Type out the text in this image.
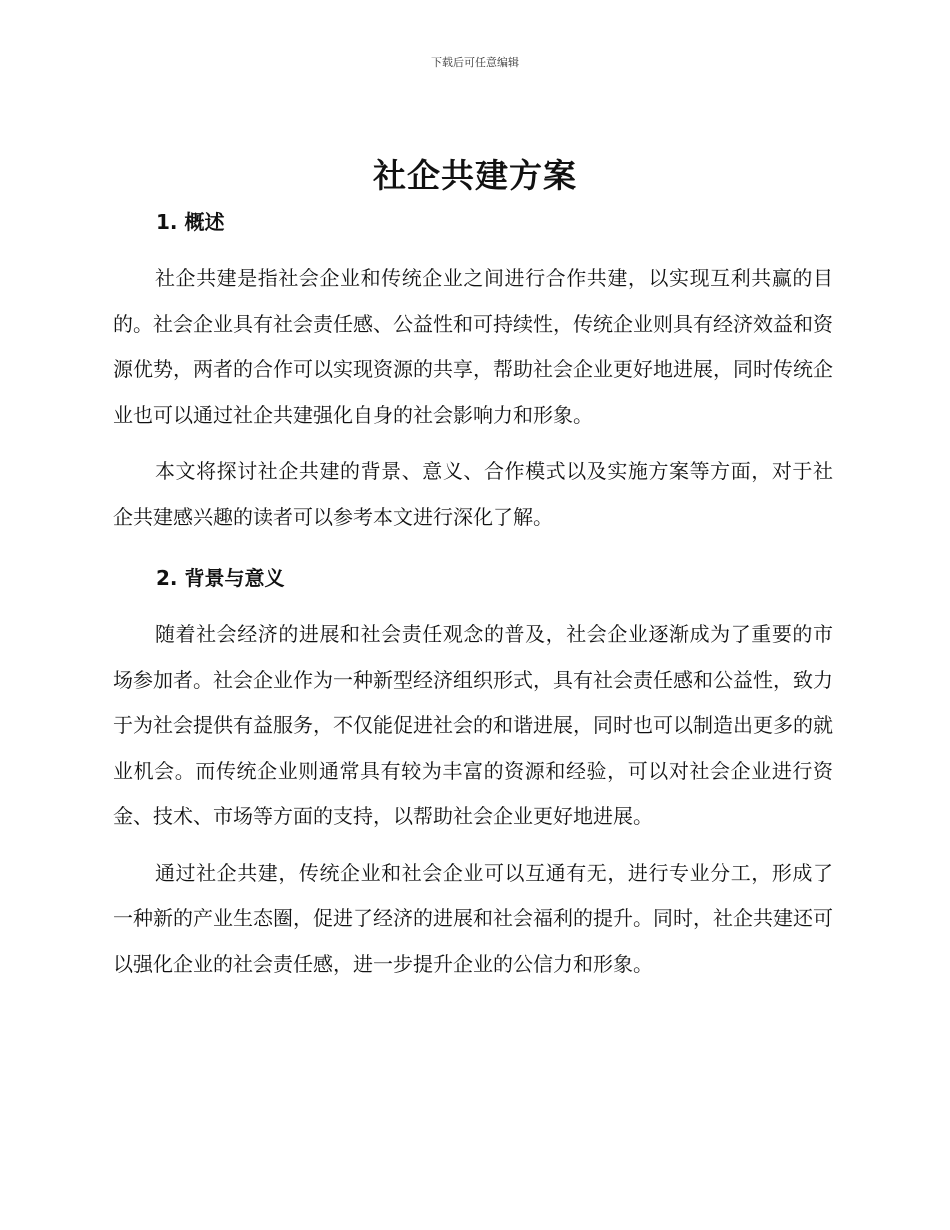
下载后可任意编辑
社企共建方案
1. 概述

社企共建是指社会企业和传统企业之间进行合作共建，以实现互利共赢的目的。社会企业具有社会责任感、公益性和可持续性，传统企业则具有经济效益和资源优势，两者的合作可以实现资源的共享，帮助社会企业更好地进展，同时传统企业也可以通过社企共建强化自身的社会影响力和形象。

本文将探讨社企共建的背景、意义、合作模式以及实施方案等方面，对于社企共建感兴趣的读者可以参考本文进行深化了解。

2. 背景与意义

随着社会经济的进展和社会责任观念的普及，社会企业逐渐成为了重要的市场参加者。社会企业作为一种新型经济组织形式，具有社会责任感和公益性，致力于为社会提供有益服务，不仅能促进社会的和谐进展，同时也可以制造出更多的就业机会。而传统企业则通常具有较为丰富的资源和经验，可以对社会企业进行资金、技术、市场等方面的支持，以帮助社会企业更好地进展。

通过社企共建，传统企业和社会企业可以互通有无，进行专业分工，形成了一种新的产业生态圈，促进了经济的进展和社会福利的提升。同时，社企共建还可以强化企业的社会责任感，进一步提升企业的公信力和形象。
